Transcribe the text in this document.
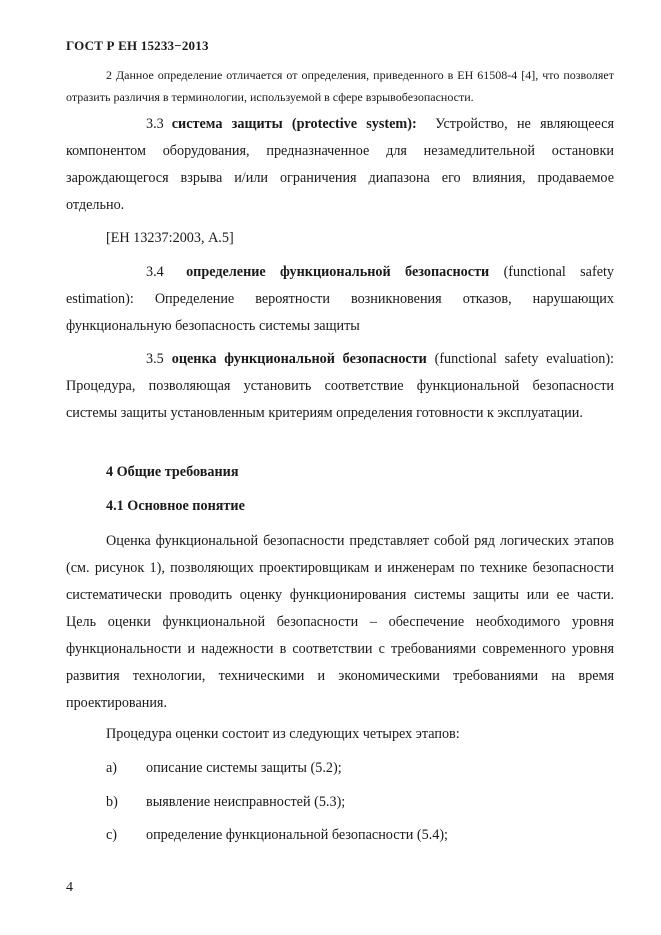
ГОСТ Р ЕН 15233−2013

2 Данное определение отличается от определения, приведенного в ЕН 61508-4 [4], что позволяет отразить различия в терминологии, используемой в сфере взрывобезопасности.

3.3 система защиты (protective system): Устройство, не являющееся компонентом оборудования, предназначенное для незамедлительной остановки зарождающегося взрыва и/или ограничения диапазона его влияния, продаваемое отдельно.

[ЕН 13237:2003, А.5]

3.4 определение функциональной безопасности (functional safety estimation): Определение вероятности возникновения отказов, нарушающих функциональную безопасность системы защиты

3.5 оценка функциональной безопасности (functional safety evaluation): Процедура, позволяющая установить соответствие функциональной безопасности системы защиты установленным критериям определения готовности к эксплуатации.

4 Общие требования
4.1 Основное понятие

Оценка функциональной безопасности представляет собой ряд логических этапов (см. рисунок 1), позволяющих проектировщикам и инженерам по технике безопасности систематически проводить оценку функционирования системы защиты или ее части. Цель оценки функциональной безопасности – обеспечение необходимого уровня функциональности и надежности в соответствии с требованиями современного уровня развития технологии, техническими и экономическими требованиями на время проектирования.

Процедура оценки состоит из следующих четырех этапов:
a) описание системы защиты (5.2);
b) выявление неисправностей (5.3);
c) определение функциональной безопасности (5.4);
4
